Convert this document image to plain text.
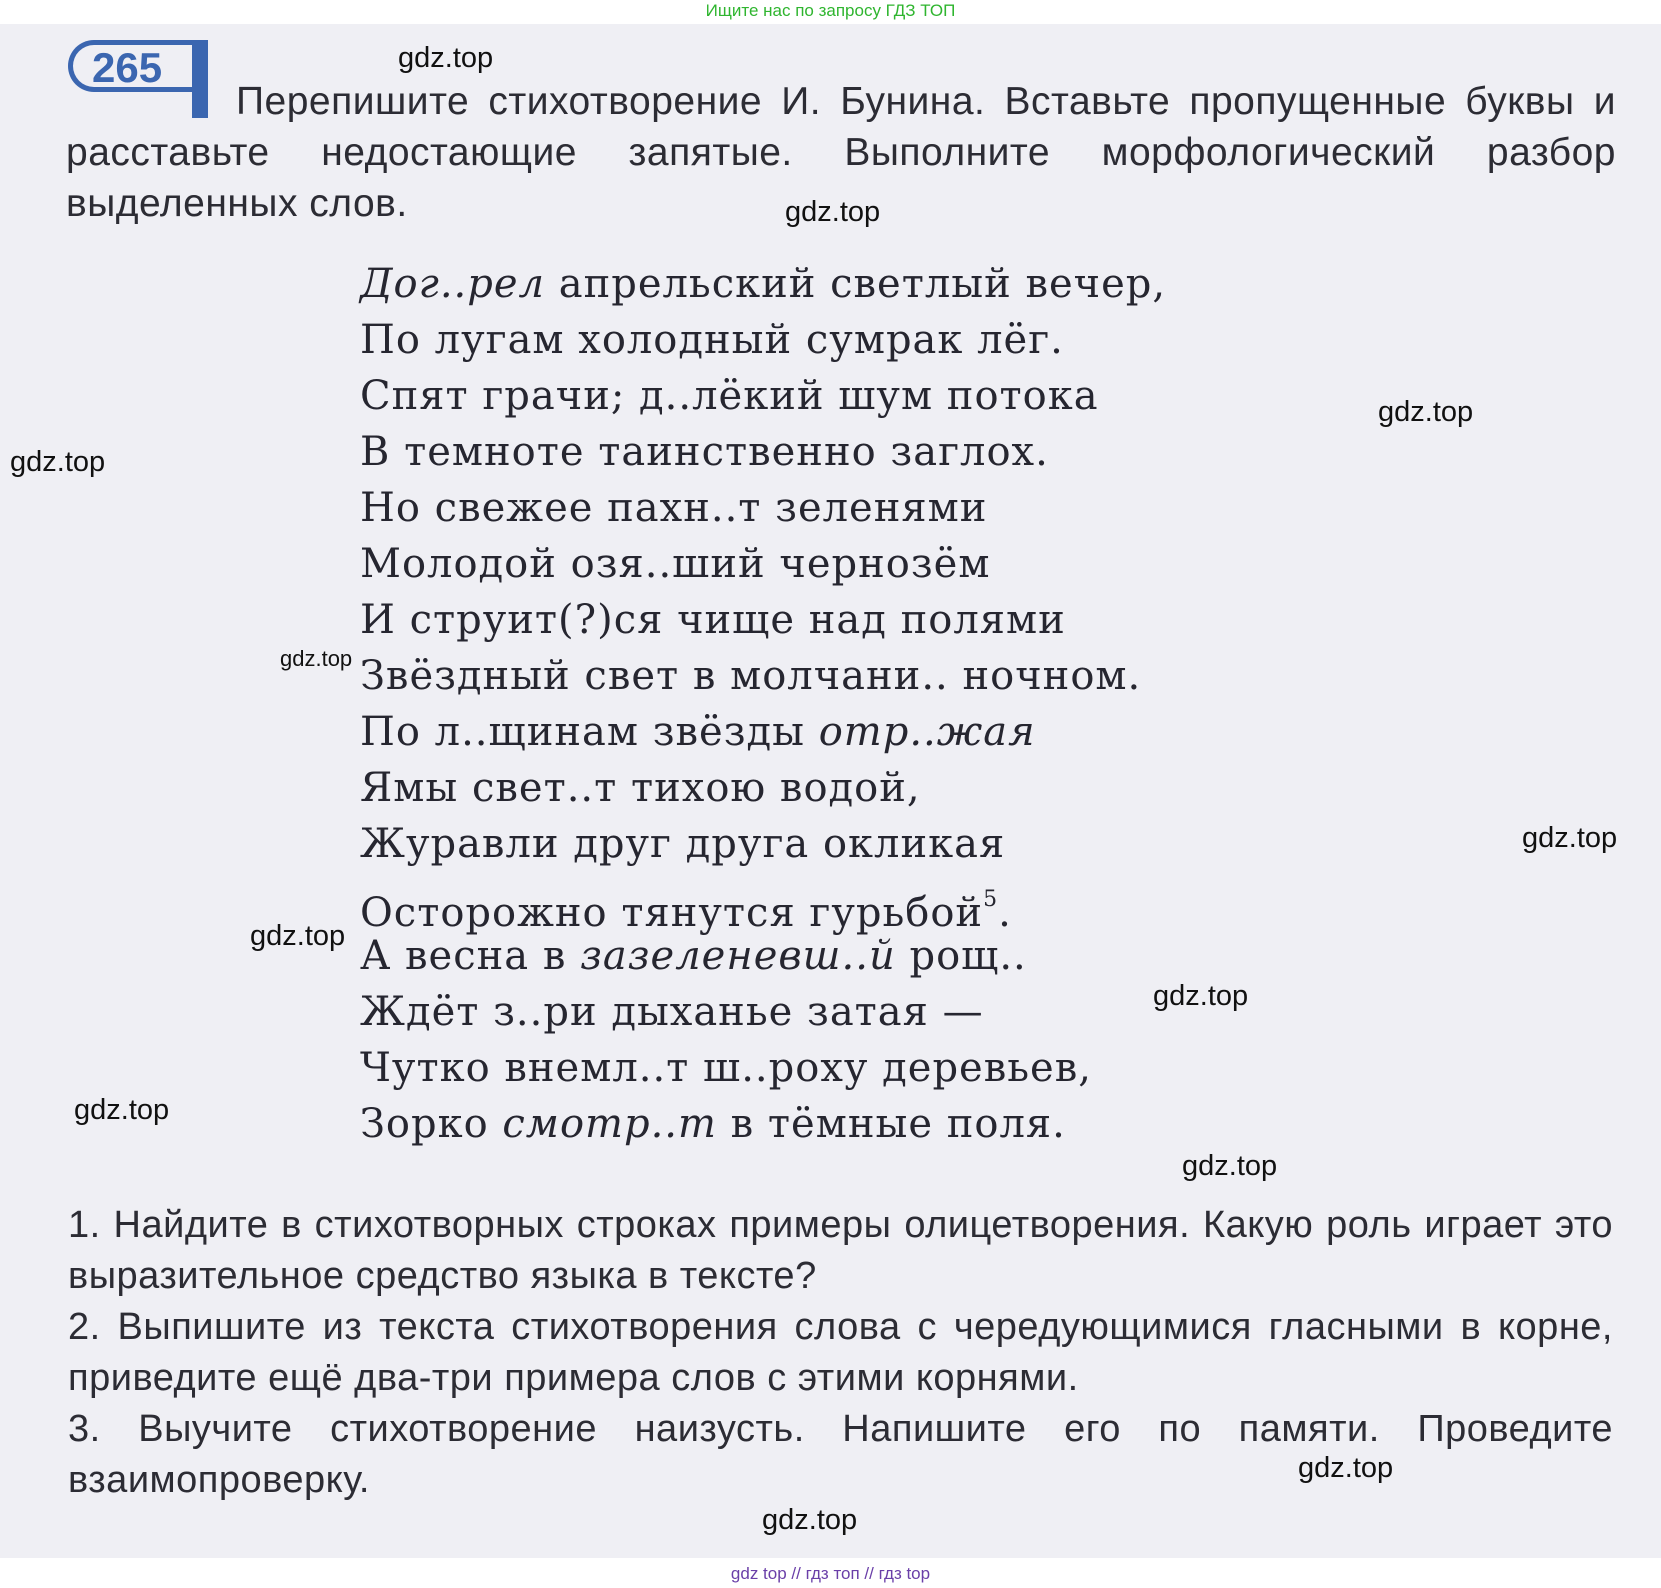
Ищите нас по запросу ГДЗ ТОП
265
Перепишите стихотворение И. Бунина. Вставьте пропущенные буквы и расставьте недостающие запятые. Выполните морфологический разбор выделенных слов.
Дог..рел апрельский светлый вечер,
По лугам холодный сумрак лёг.
Спят грачи; д..лёкий шум потока
В темноте таинственно заглох.
Но свежее пахн..т зеленями
Молодой озя..ший чернозём
И струит(?)ся чище над полями
Звёздный свет в молчани.. ночном.
По л..щинам звёзды отр..жая
Ямы свет..т тихою водой,
Журавли друг друга окликая
Осторожно тянутся гурьбой$^5$.
А весна в зазеленевш..й рощ..
Ждёт з..ри дыханье затая —
Чутко внемл..т ш..роху деревьев,
Зорко смотр..т в тёмные поля.

1. Найдите в стихотворных строках примеры олицетворения. Какую роль играет это выразительное средство языка в тексте?

2. Выпишите из текста стихотворения слова с чередующимися гласными в корне, приведите ещё два-три примера слов с этими корнями.

3. Выучите стихотворение наизусть. Напишите его по памяти. Проведите взаимопроверку.

gdz.top
gdz.top
gdz.top
gdz.top
gdz.top
gdz.top
gdz.top
gdz.top
gdz.top
gdz.top
gdz.top
gdz.top
gdz top // гдз топ // гдз top
